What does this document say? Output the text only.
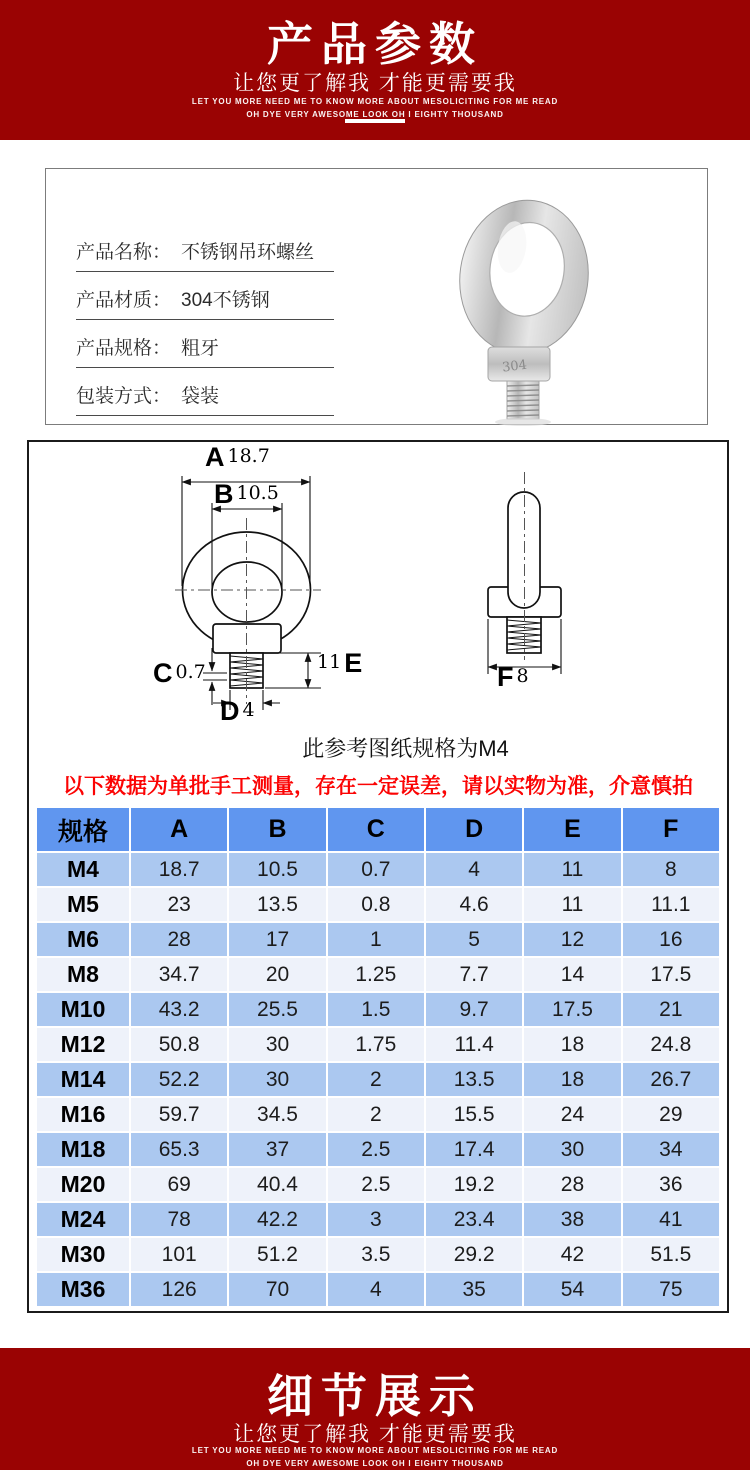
产品参数
让您更了解我 才能更需要我
LET YOU MORE NEED ME TO KNOW MORE ABOUT MESOLICITING FOR ME READ
OH DYE VERY AWESOME LOOK OH I EIGHTY THOUSAND
产品名称： 不锈钢吊环螺丝
产品材质： 304不锈钢
产品规格： 粗牙
包装方式： 袋装
304
A 18.7
B 10.5
C 0.7
D 4
11 E	F 8
此参考图纸规格为M4
以下数据为单批手工测量，存在一定误差，请以实物为准，介意慎拍
规格	A	B	C	D	E	F
M4	18.7	10.5	0.7	4	11	8
M5	23	13.5	0.8	4.6	11	11.1
M6	28	17	1	5	12	16
M8	34.7	20	1.25	7.7	14	17.5
M10	43.2	25.5	1.5	9.7	17.5	21
M12	50.8	30	1.75	11.4	18	24.8
M14	52.2	30	2	13.5	18	26.7
M16	59.7	34.5	2	15.5	24	29
M18	65.3	37	2.5	17.4	30	34
M20	69	40.4	2.5	19.2	28	36
M24	78	42.2	3	23.4	38	41
M30	101	51.2	3.5	29.2	42	51.5
M36	126	70	4	35	54	75
细节展示
让您更了解我 才能更需要我
LET YOU MORE NEED ME TO KNOW MORE ABOUT MESOLICITING FOR ME READ
OH DYE VERY AWESOME LOOK OH I EIGHTY THOUSAND
